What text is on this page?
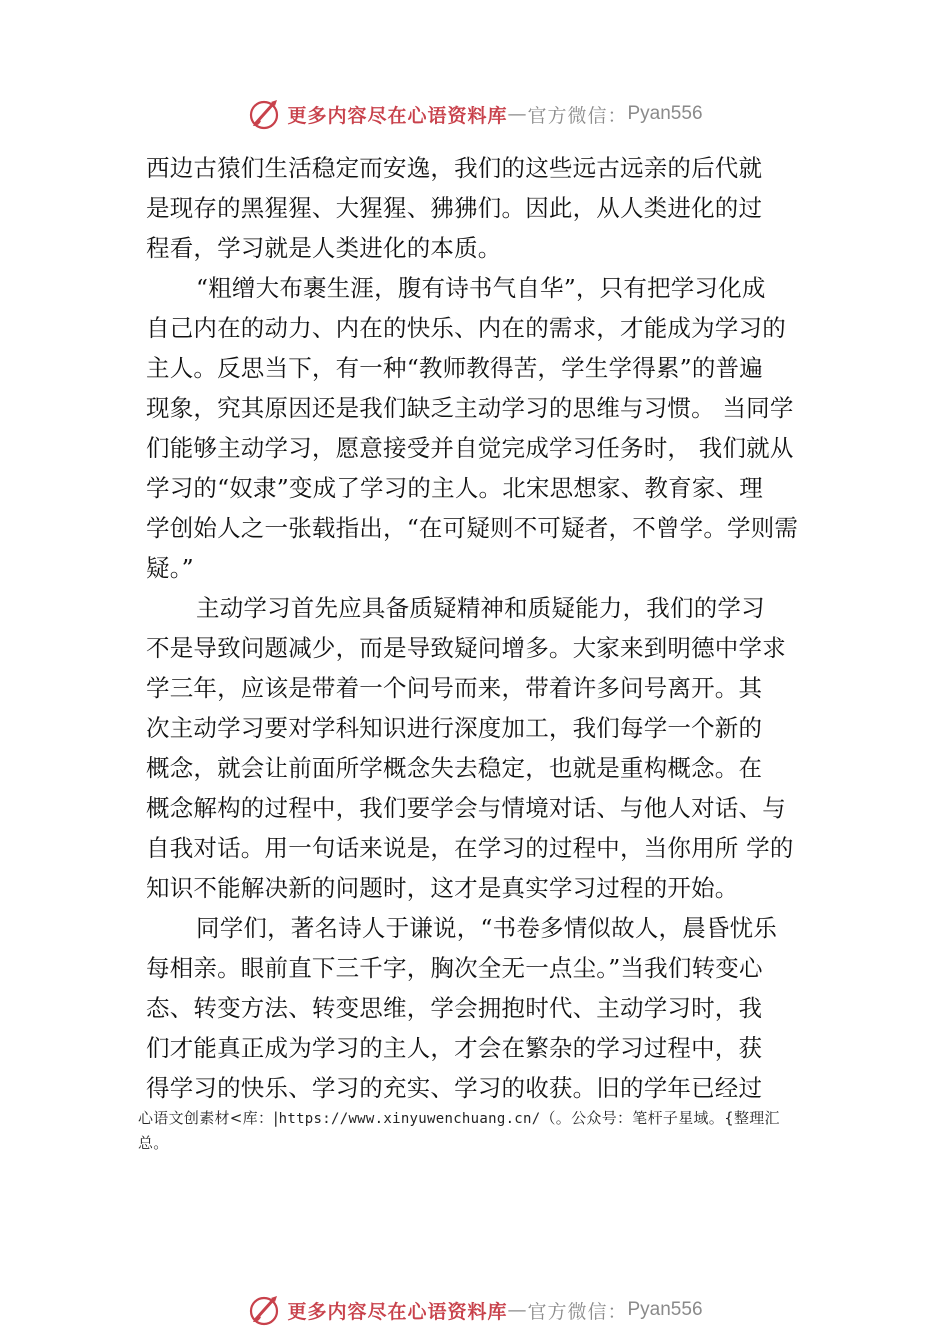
更多内容尽在心语资料库 — 官方微信： Pyan556
西边古猿们生活稳定而安逸，我们的这些远古远亲的后代就
是现存的黑猩猩、大猩猩、狒狒们。因此，从人类进化的过
程看，学习就是人类进化的本质。
“粗缯大布裹生涯，腹有诗书气自华”，只有把学习化成
自己内在的动力、内在的快乐、内在的需求，才能成为学习的
主人。反思当下，有一种“教师教得苦，学生学得累”的普遍
现象，究其原因还是我们缺乏主动学习的思维与习惯。 当同学
们能够主动学习，愿意接受并自觉完成学习任务时， 我们就从
学习的“奴隶”变成了学习的主人。北宋思想家、教育家、理
学创始人之一张载指出，“在可疑则不可疑者，不曾学。学则需
疑。”
主动学习首先应具备质疑精神和质疑能力，我们的学习
不是导致问题减少，而是导致疑问增多。大家来到明德中学求
学三年，应该是带着一个问号而来，带着许多问号离开。其
次主动学习要对学科知识进行深度加工，我们每学一个新的
概念，就会让前面所学概念失去稳定，也就是重构概念。在
概念解构的过程中，我们要学会与情境对话、与他人对话、与
自我对话。用一句话来说是，在学习的过程中，当你用所 学的
知识不能解决新的问题时，这才是真实学习过程的开始。
同学们，著名诗人于谦说，“书卷多情似故人，晨昏忧乐
每相亲。眼前直下三千字，胸次全无一点尘。”当我们转变心
态、转变方法、转变思维，学会拥抱时代、主动学习时，我
们才能真正成为学习的主人，才会在繁杂的学习过程中，获
得学习的快乐、学习的充实、学习的收获。旧的学年已经过
心语文创素材<库：|https://www.xinyuwenchuang.cn/（。公众号：笔杆子星域。{整理汇
总。
更多内容尽在心语资料库 — 官方微信： Pyan556
